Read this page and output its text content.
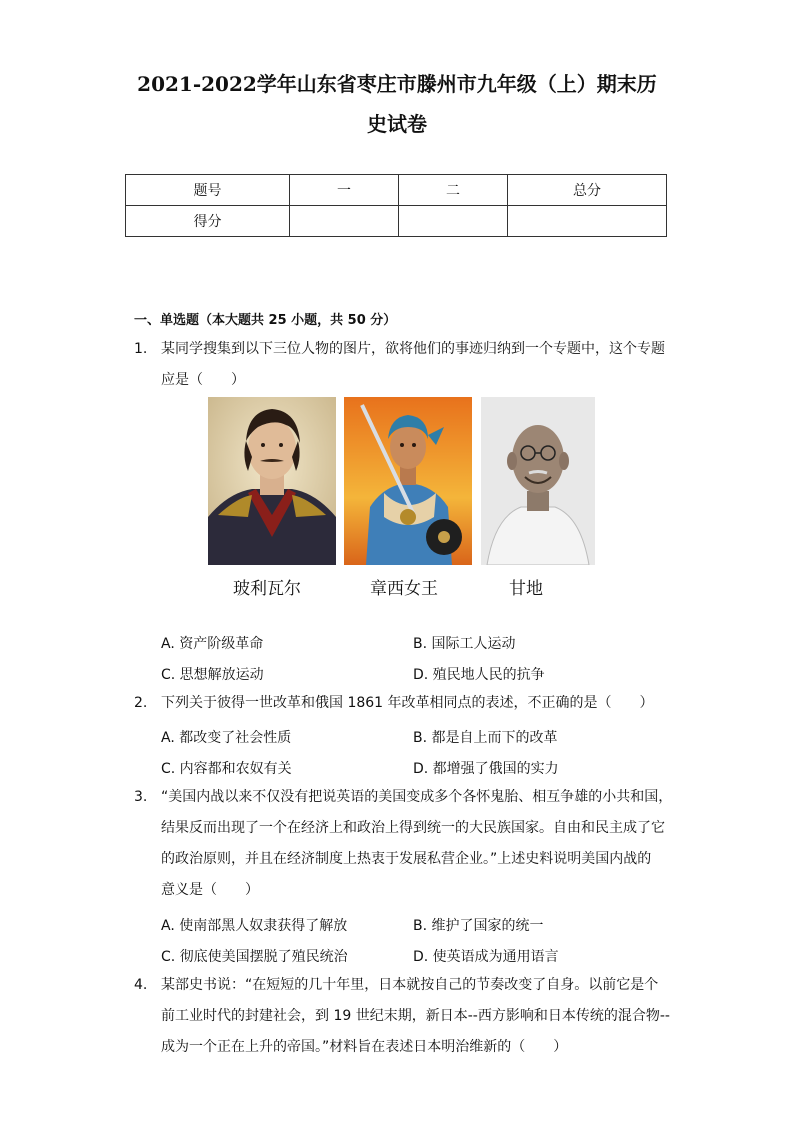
2021-2022学年山东省枣庄市滕州市九年级（上）期末历
史试卷
题号	一	二	总分
得分			
一、单选题（本大题共 25 小题，共 50 分）
1. 某同学搜集到以下三位人物的图片，欲将他们的事迹归纳到一个专题中，这个专题
应是（　　）
玻利瓦尔	章西女王	甘地
A. 资产阶级革命	B. 国际工人运动
C. 思想解放运动	D. 殖民地人民的抗争
2. 下列关于彼得一世改革和俄国 1861 年改革相同点的表述，不正确的是（　　）
A. 都改变了社会性质	B. 都是自上而下的改革
C. 内容都和农奴有关	D. 都增强了俄国的实力
3. “美国内战以来不仅没有把说英语的美国变成多个各怀鬼胎、相互争雄的小共和国，
结果反而出现了一个在经济上和政治上得到统一的大民族国家。自由和民主成了它
的政治原则，并且在经济制度上热衷于发展私营企业。”上述史料说明美国内战的
意义是（　　）
A. 使南部黑人奴隶获得了解放	B. 维护了国家的统一
C. 彻底使美国摆脱了殖民统治	D. 使英语成为通用语言
4. 某部史书说：“在短短的几十年里，日本就按自己的节奏改变了自身。以前它是个
前工业时代的封建社会，到 19 世纪末期，新日本--西方影响和日本传统的混合物--
成为一个正在上升的帝国。”材料旨在表述日本明治维新的（　　）
